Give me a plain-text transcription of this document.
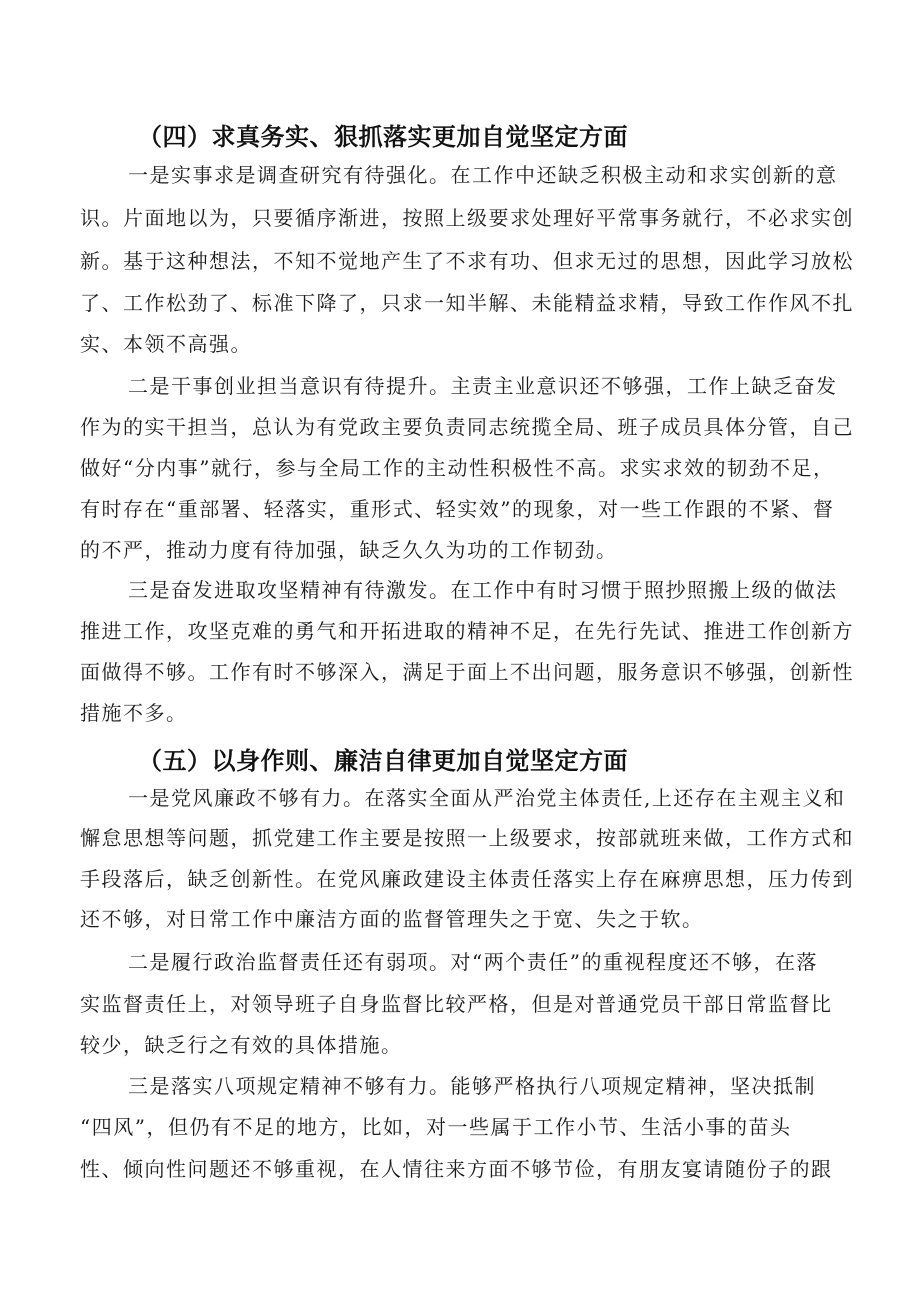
（四）求真务实、狠抓落实更加自觉坚定方面
一是实事求是调查研究有待强化。在工作中还缺乏积极主动和求实创新的意
识。片面地以为，只要循序渐进，按照上级要求处理好平常事务就行，不必求实创
新。基于这种想法，不知不觉地产生了不求有功、但求无过的思想，因此学习放松
了、工作松劲了、标准下降了，只求一知半解、未能精益求精，导致工作作风不扎
实、本领不高强。
二是干事创业担当意识有待提升。主责主业意识还不够强，工作上缺乏奋发
作为的实干担当，总认为有党政主要负责同志统揽全局、班子成员具体分管，自己
做好“分内事”就行，参与全局工作的主动性积极性不高。求实求效的韧劲不足，
有时存在“重部署、轻落实，重形式、轻实效”的现象，对一些工作跟的不紧、督
的不严，推动力度有待加强，缺乏久久为功的工作韧劲。
三是奋发进取攻坚精神有待激发。在工作中有时习惯于照抄照搬上级的做法
推进工作，攻坚克难的勇气和开拓进取的精神不足，在先行先试、推进工作创新方
面做得不够。工作有时不够深入，满足于面上不出问题，服务意识不够强，创新性
措施不多。
（五）以身作则、廉洁自律更加自觉坚定方面
一是党风廉政不够有力。在落实全面从严治党主体责任,上还存在主观主义和
懈怠思想等问题，抓党建工作主要是按照一上级要求，按部就班来做，工作方式和
手段落后，缺乏创新性。在党风廉政建设主体责任落实上存在麻痹思想，压力传到
还不够，对日常工作中廉洁方面的监督管理失之于宽、失之于软。
二是履行政治监督责任还有弱项。对“两个责任”的重视程度还不够，在落
实监督责任上，对领导班子自身监督比较严格，但是对普通党员干部日常监督比
较少，缺乏行之有效的具体措施。
三是落实八项规定精神不够有力。能够严格执行八项规定精神，坚决抵制
“四风”，但仍有不足的地方，比如，对一些属于工作小节、生活小事的苗头
性、倾向性问题还不够重视，在人情往来方面不够节俭，有朋友宴请随份子的跟
